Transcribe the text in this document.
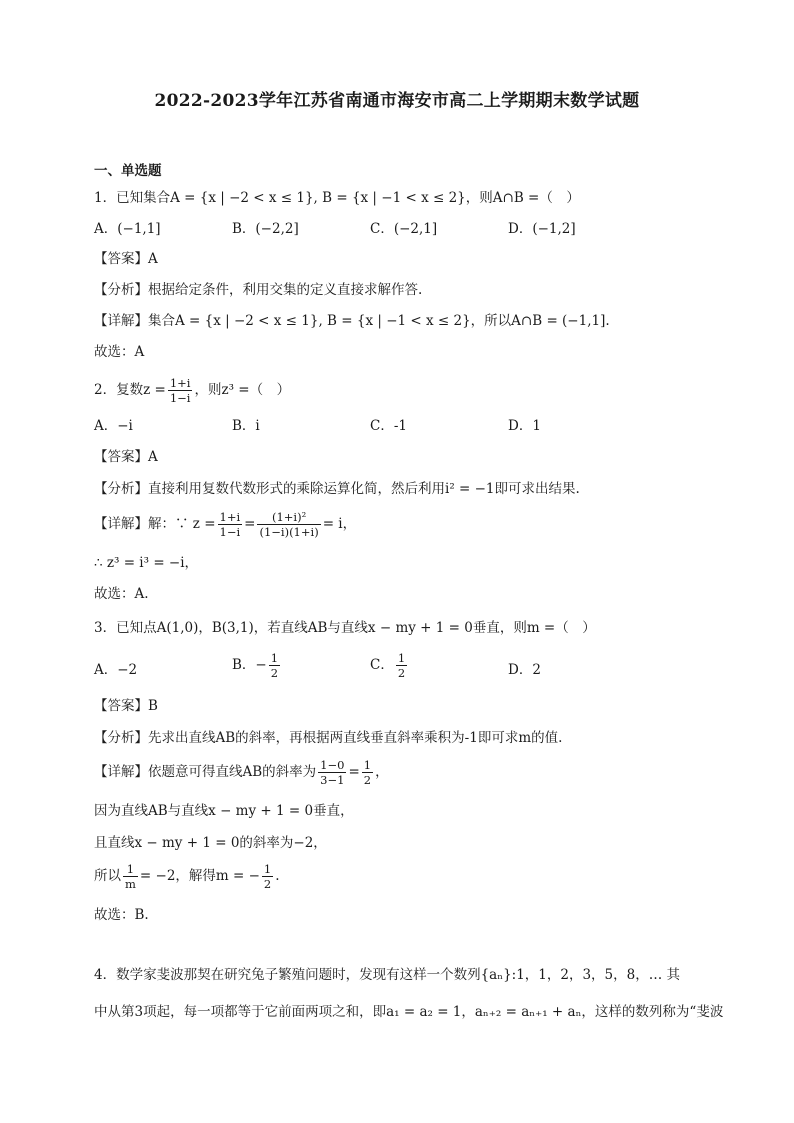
2022-2023学年江苏省南通市海安市高二上学期期末数学试题
一、单选题
1．已知集合A = {x | −2 < x ≤ 1}, B = {x | −1 < x ≤ 2}，则A∩B =（　）
A．(−1,1]	B．(−2,2]	C．(−2,1]	D．(−1,2]
【答案】A
【分析】根据给定条件，利用交集的定义直接求解作答.
【详解】集合A = {x | −2 < x ≤ 1}, B = {x | −1 < x ≤ 2}，所以A∩B = (−1,1].
故选：A
2．复数$z = \frac{1+i}{1-i}$ ，则z³ =（　）
A．−i	B．i	C．-1	D．1
【答案】A
【分析】直接利用复数代数形式的乘除运算化简，然后利用i² = −1即可求出结果.
【详解】解：∵ $z = \frac{1+i}{1-i} = \frac{\text{(1+i)²}}{(1-i)(1+i)} = i$，
∴ z³ = i³ = −i，
故选：A.
3．已知点A(1,0)，B(3,1)，若直线AB与直线x − my + 1 = 0垂直，则m =（　）
A．−2	B．− $\frac{1}{2}$	C． $\frac{1}{2}$	D．2
【答案】B
【分析】先求出直线AB的斜率，再根据两直线垂直斜率乘积为-1即可求m的值.
【详解】依题意可得直线AB的斜率为 $\frac{1-0}{3-1} = \frac{1}{2}$ ，
因为直线AB与直线x − my + 1 = 0垂直，
且直线x − my + 1 = 0的斜率为−2，
所以 $\frac{1}{m} = -2$，解得m = − $\frac{1}{2}$ .
故选：B.
4．数学家斐波那契在研究兔子繁殖问题时，发现有这样一个数列{aₙ}:1，1，2，3，5，8，… 其
中从第3项起，每一项都等于它前面两项之和，即a₁ = a₂ = 1，aₙ₊₂ = aₙ₊₁ + aₙ，这样的数列称为“斐波
